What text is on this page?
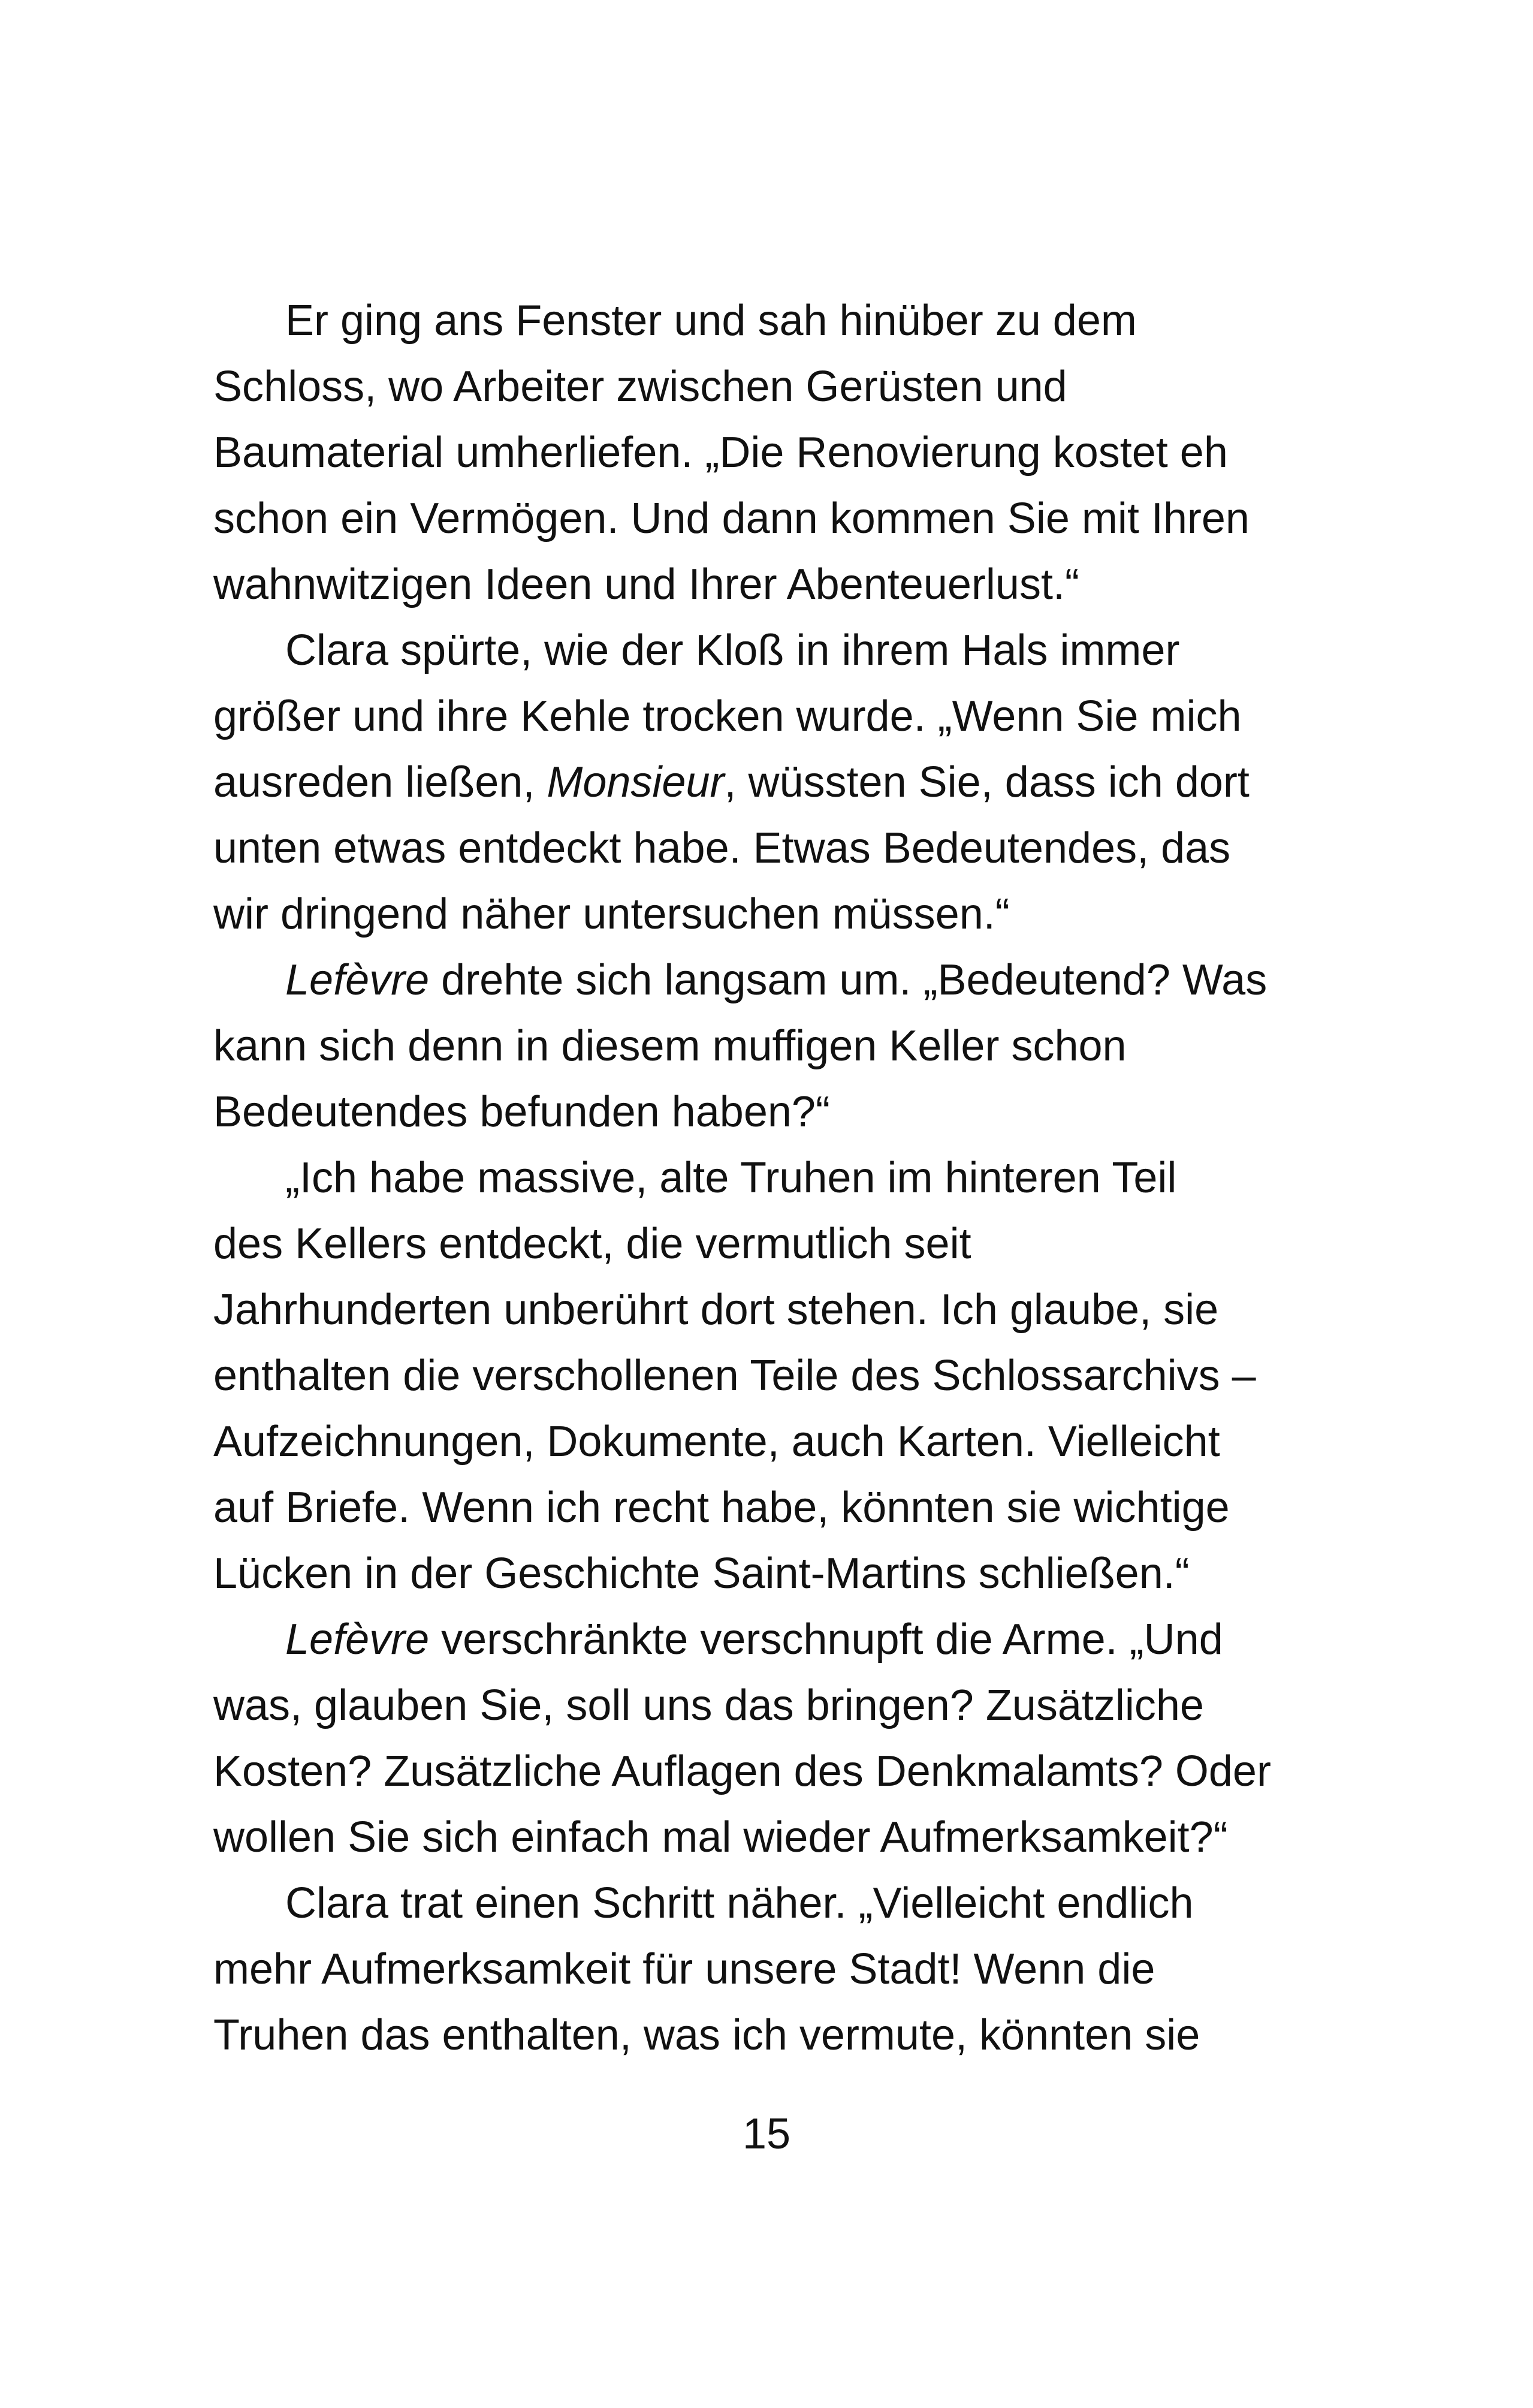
Er ging ans Fenster und sah hinüber zu dem
Schloss, wo Arbeiter zwischen Gerüsten und
Baumaterial umherliefen. „Die Renovierung kostet eh
schon ein Vermögen. Und dann kommen Sie mit Ihren
wahnwitzigen Ideen und Ihrer Abenteuerlust.“
Clara spürte, wie der Kloß in ihrem Hals immer
größer und ihre Kehle trocken wurde. „Wenn Sie mich
ausreden ließen, Monsieur, wüssten Sie, dass ich dort
unten etwas entdeckt habe. Etwas Bedeutendes, das
wir dringend näher untersuchen müssen.“
Lefèvre drehte sich langsam um. „Bedeutend? Was
kann sich denn in diesem muffigen Keller schon
Bedeutendes befunden haben?“
„Ich habe massive, alte Truhen im hinteren Teil
des Kellers entdeckt, die vermutlich seit
Jahrhunderten unberührt dort stehen. Ich glaube, sie
enthalten die verschollenen Teile des Schlossarchivs –
Aufzeichnungen, Dokumente, auch Karten. Vielleicht
auf Briefe. Wenn ich recht habe, könnten sie wichtige
Lücken in der Geschichte Saint-Martins schließen.“
Lefèvre verschränkte verschnupft die Arme. „Und
was, glauben Sie, soll uns das bringen? Zusätzliche
Kosten? Zusätzliche Auflagen des Denkmalamts? Oder
wollen Sie sich einfach mal wieder Aufmerksamkeit?“
Clara trat einen Schritt näher. „Vielleicht endlich
mehr Aufmerksamkeit für unsere Stadt! Wenn die
Truhen das enthalten, was ich vermute, könnten sie
15
